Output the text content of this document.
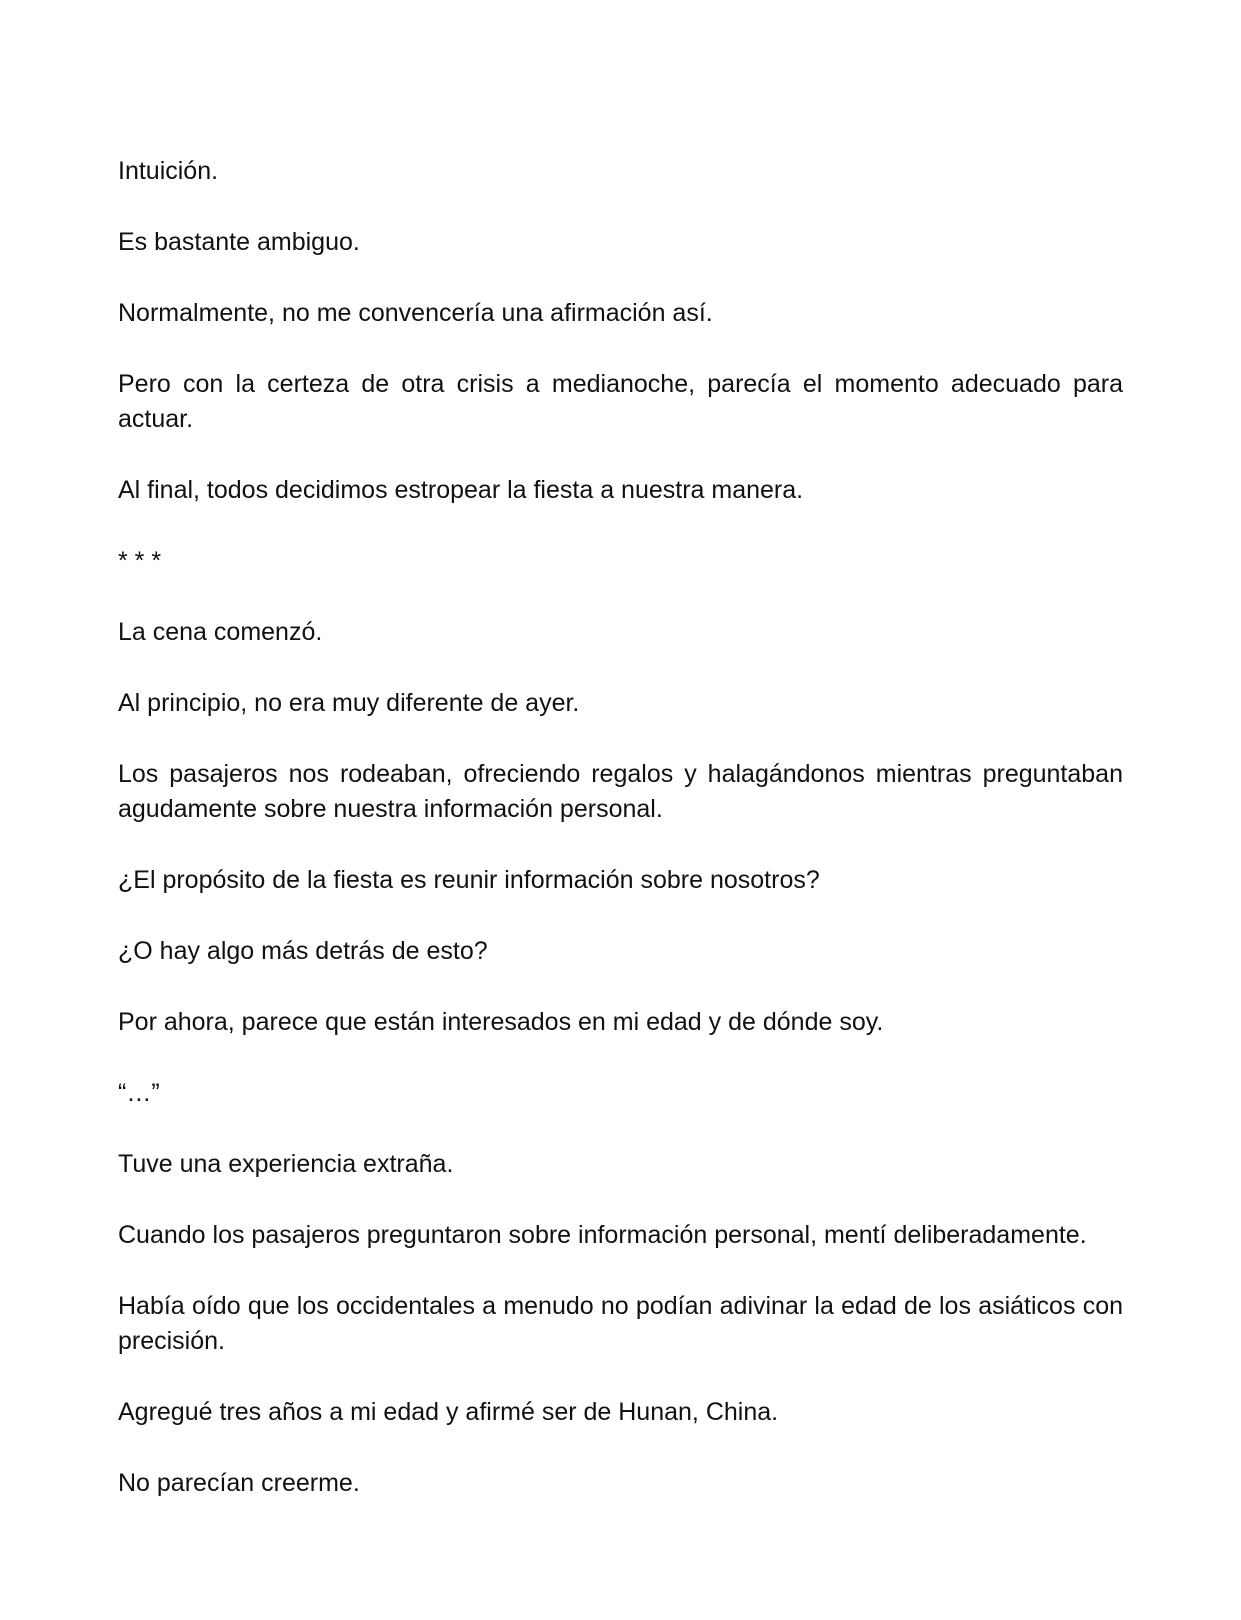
Intuición.

Es bastante ambiguo.

Normalmente, no me convencería una afirmación así.

Pero con la certeza de otra crisis a medianoche, parecía el momento adecuado para actuar.

Al final, todos decidimos estropear la fiesta a nuestra manera.

* * *

La cena comenzó.

Al principio, no era muy diferente de ayer.

Los pasajeros nos rodeaban, ofreciendo regalos y halagándonos mientras preguntaban agudamente sobre nuestra información personal.

¿El propósito de la fiesta es reunir información sobre nosotros?

¿O hay algo más detrás de esto?

Por ahora, parece que están interesados en mi edad y de dónde soy.

“…”

Tuve una experiencia extraña.

Cuando los pasajeros preguntaron sobre información personal, mentí deliberadamente.

Había oído que los occidentales a menudo no podían adivinar la edad de los asiáticos con precisión.

Agregué tres años a mi edad y afirmé ser de Hunan, China.

No parecían creerme.
